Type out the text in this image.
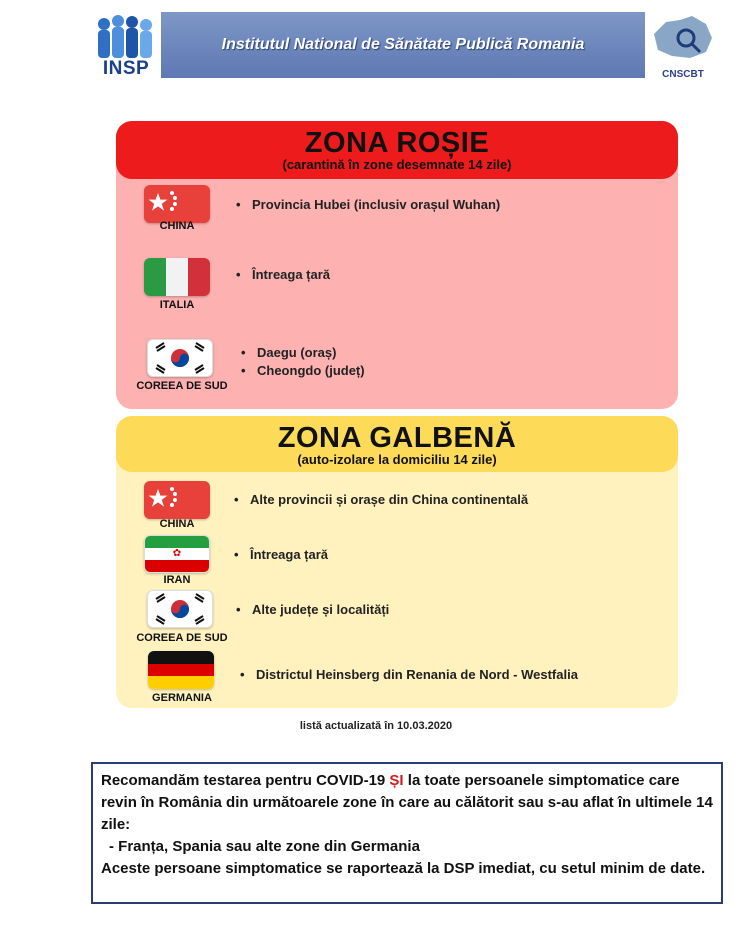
INSP
Institutul National de Sănătate Publică Romania
CNSCBT
ZONA ROȘIE
(carantină în zone desemnate 14 zile)
CHINA
• Provincia Hubei (inclusiv orașul Wuhan)
ITALIA
• Întreaga țară
COREEA DE SUD
• Daegu (oraș)
• Cheongdo (județ)
ZONA GALBENĂ
(auto-izolare la domiciliu 14 zile)
CHINA
• Alte provincii și orașe din China continentală
✿
IRAN
• Întreaga țară
COREEA DE SUD
• Alte județe și localități
GERMANIA
• Districtul Heinsberg din Renania de Nord - Westfalia
listă actualizată în 10.03.2020
Recomandăm testarea pentru COVID-19 ȘI la toate persoanele simptomatice care revin în România din următoarele zone în care au călătorit sau s-au aflat în ultimele 14 zile:
- Franța, Spania sau alte zone din Germania
Aceste persoane simptomatice se raportează la DSP imediat, cu setul minim de date.
